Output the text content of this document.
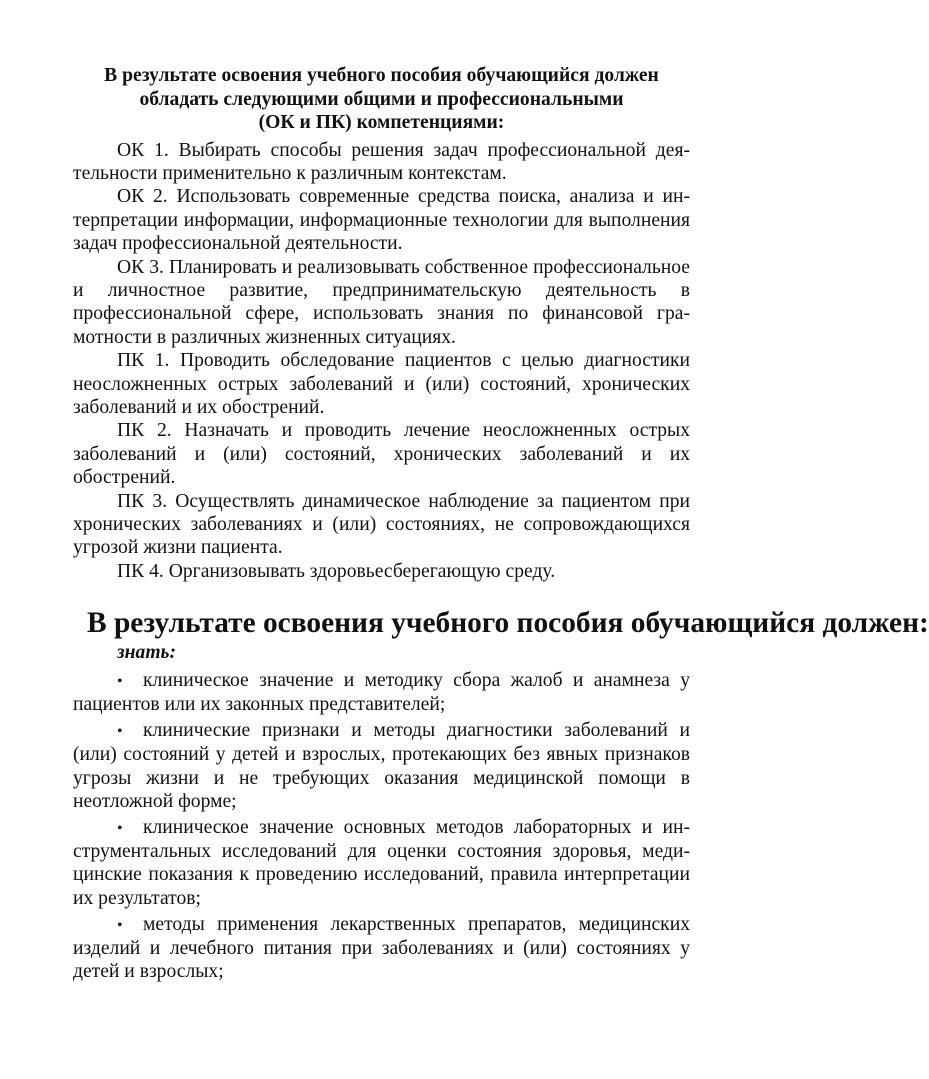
В результате освоения учебного пособия обучающийся должен
обладать следующими общими и профессиональными
(ОК и ПК) компетенциями:

ОК 1. Выбирать способы решения задач профессиональной деятельности применительно к различным контекстам.

ОК 2. Использовать современные средства поиска, анализа и интерпретации информации, информационные технологии для выполнения задач профессиональной деятельности.

ОК 3. Планировать и реализовывать собственное профессиональное и личностное развитие, предпринимательскую деятельность в профессиональной сфере, использовать знания по финансовой грамотности в различных жизненных ситуациях.

ПК 1. Проводить обследование пациентов с целью диагностики неосложненных острых заболеваний и (или) состояний, хронических заболеваний и их обострений.

ПК 2. Назначать и проводить лечение неосложненных острых заболеваний и (или) состояний, хронических заболеваний и их обострений.

ПК 3. Осуществлять динамическое наблюдение за пациентом при хронических заболеваниях и (или) состояниях, не сопровождающихся угрозой жизни пациента.

ПК 4. Организовывать здоровьесберегающую среду.

В результате освоения учебного пособия обучающийся должен:
знать:

• клиническое значение и методику сбора жалоб и анамнеза у пациентов или их законных представителей;

• клинические признаки и методы диагностики заболеваний и (или) состояний у детей и взрослых, протекающих без явных признаков угрозы жизни и не требующих оказания медицинской помощи в неотложной форме;

• клиническое значение основных методов лабораторных и инструментальных исследований для оценки состояния здоровья, медицинские показания к проведению исследований, правила интерпретации их результатов;

• методы применения лекарственных препаратов, медицинских изделий и лечебного питания при заболеваниях и (или) состояниях у детей и взрослых;
